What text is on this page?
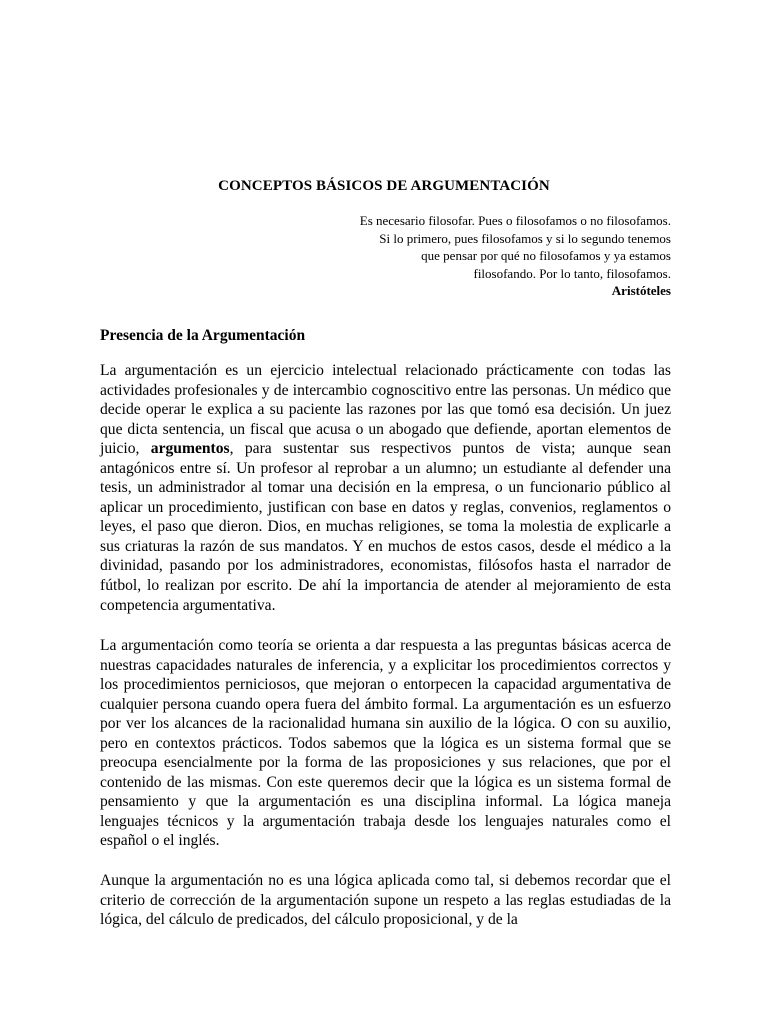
CONCEPTOS BÁSICOS DE ARGUMENTACIÓN
Es necesario filosofar. Pues o filosofamos o no filosofamos.
Si lo primero, pues filosofamos y si lo segundo tenemos
que pensar por qué no filosofamos y ya estamos
filosofando. Por lo tanto, filosofamos.
Aristóteles
Presencia de la Argumentación

La argumentación es un ejercicio intelectual relacionado prácticamente con todas las actividades profesionales y de intercambio cognoscitivo entre las personas. Un médico que decide operar le explica a su paciente las razones por las que tomó esa decisión. Un juez que dicta sentencia, un fiscal que acusa o un abogado que defiende, aportan elementos de juicio, argumentos, para sustentar sus respectivos puntos de vista; aunque sean antagónicos entre sí. Un profesor al reprobar a un alumno; un estudiante al defender una tesis, un administrador al tomar una decisión en la empresa, o un funcionario público al aplicar un procedimiento, justifican con base en datos y reglas, convenios, reglamentos o leyes, el paso que dieron. Dios, en muchas religiones, se toma la molestia de explicarle a sus criaturas la razón de sus mandatos. Y en muchos de estos casos, desde el médico a la divinidad, pasando por los administradores, economistas, filósofos hasta el narrador de fútbol, lo realizan por escrito. De ahí la importancia de atender al mejoramiento de esta competencia argumentativa.

La argumentación como teoría se orienta a dar respuesta a las preguntas básicas acerca de nuestras capacidades naturales de inferencia, y a explicitar los procedimientos correctos y los procedimientos perniciosos, que mejoran o entorpecen la capacidad argumentativa de cualquier persona cuando opera fuera del ámbito formal. La argumentación es un esfuerzo por ver los alcances de la racionalidad humana sin auxilio de la lógica. O con su auxilio, pero en contextos prácticos. Todos sabemos que la lógica es un sistema formal que se preocupa esencialmente por la forma de las proposiciones y sus relaciones, que por el contenido de las mismas. Con este queremos decir que la lógica es un sistema formal de pensamiento y que la argumentación es una disciplina informal. La lógica maneja lenguajes técnicos y la argumentación trabaja desde los lenguajes naturales como el español o el inglés.

Aunque la argumentación no es una lógica aplicada como tal, si debemos recordar que el criterio de corrección de la argumentación supone un respeto a las reglas estudiadas de la lógica, del cálculo de predicados, del cálculo proposicional, y de la
